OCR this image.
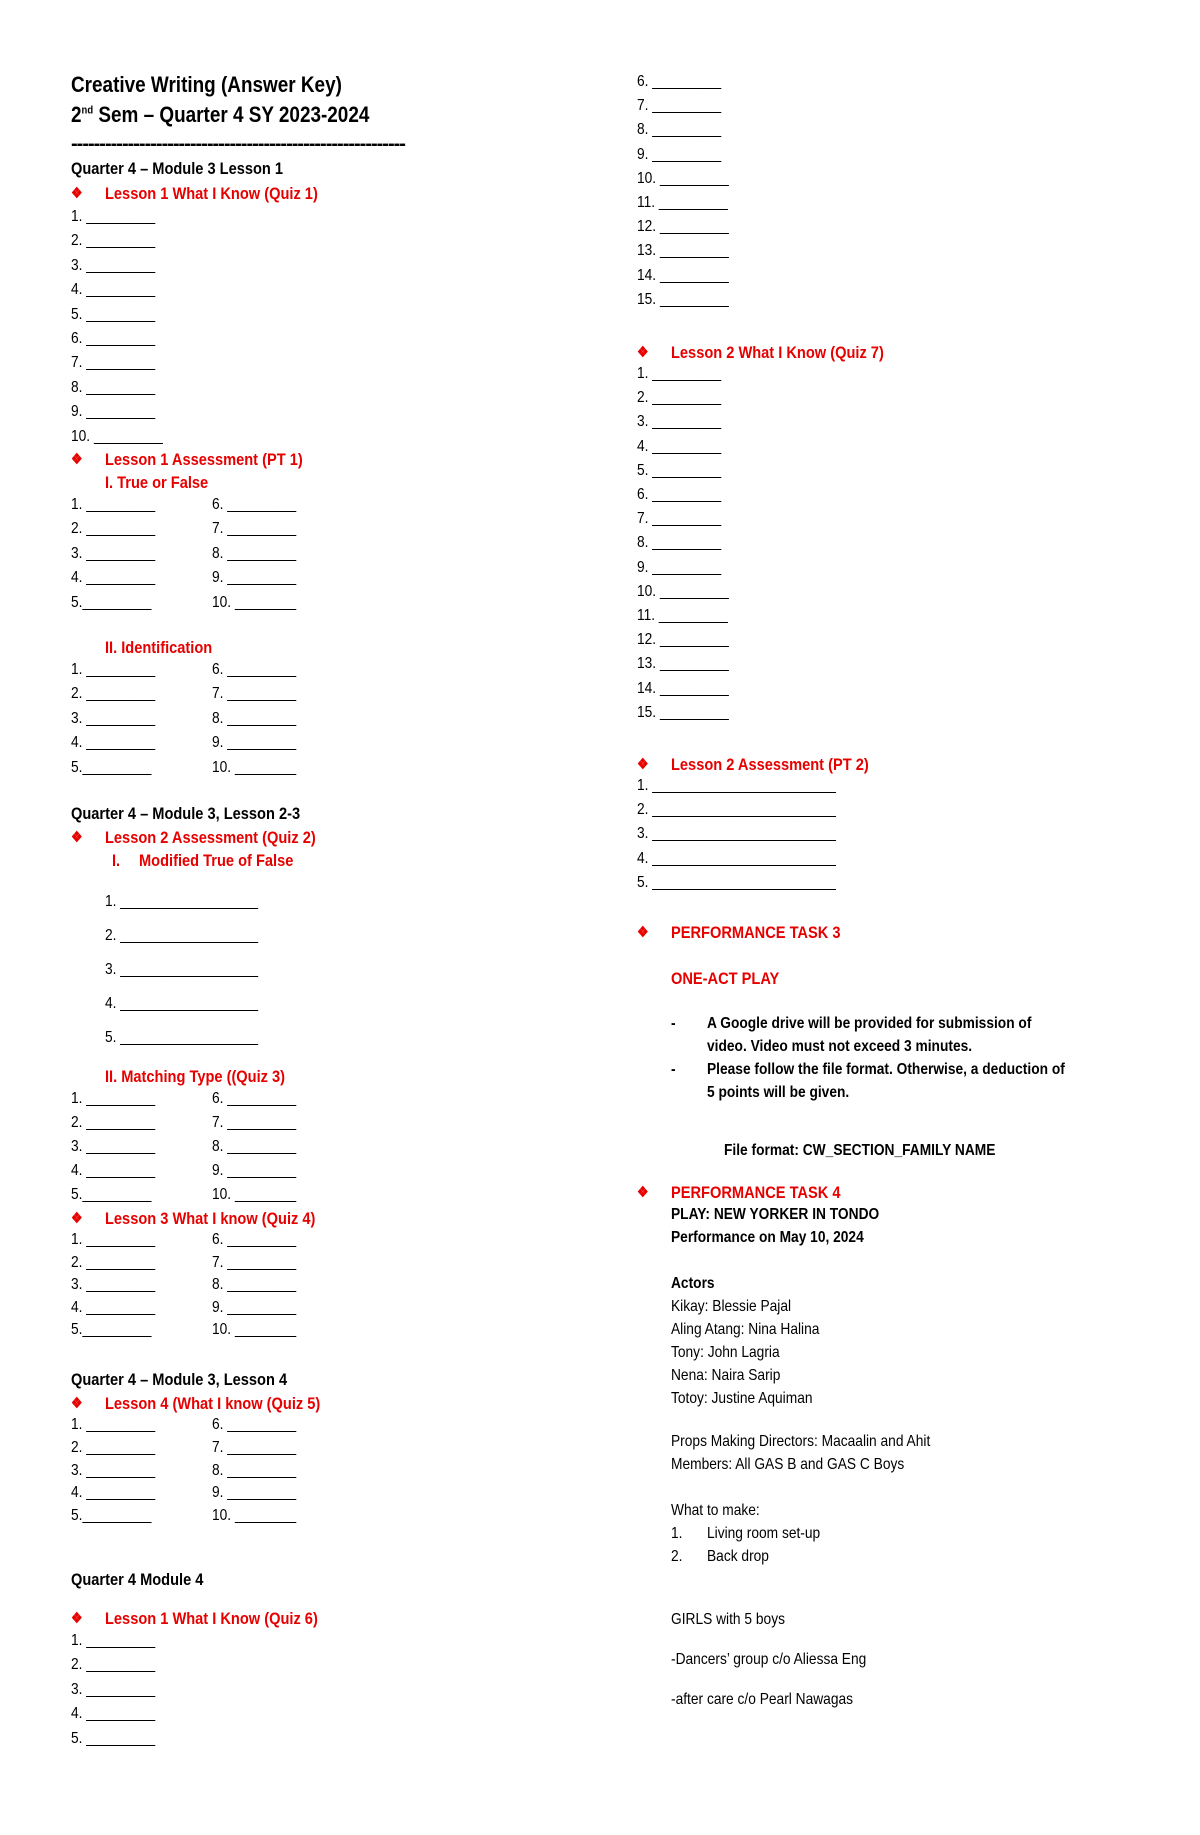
Creative Writing (Answer Key)
2nd Sem – Quarter 4 SY 2023-2024
-----------------------------------------------------------
Quarter 4 – Module 3 Lesson 1
❖ Lesson 1 What I Know (Quiz 1)
1. _________
2. _________
3. _________
4. _________
5. _________
6. _________
7. _________
8. _________
9. _________
10. _________
❖ Lesson 1 Assessment (PT 1)
I. True or False
1. _________
2. _________
3. _________
4. _________
5._________
6. _________
7. _________
8. _________
9. _________
10. ________
II. Identification
1. _________
2. _________
3. _________
4. _________
5._________
6. _________
7. _________
8. _________
9. _________
10. ________
Quarter 4 – Module 3, Lesson 2-3
❖ Lesson 2 Assessment (Quiz 2)
I. Modified True of False
1. __________________
2. __________________
3. __________________
4. __________________
5. __________________
II. Matching Type ((Quiz 3)
1. _________
2. _________
3. _________
4. _________
5._________
6. _________
7. _________
8. _________
9. _________
10. ________
❖ Lesson 3 What I know (Quiz 4)
1. _________
2. _________
3. _________
4. _________
5._________
6. _________
7. _________
8. _________
9. _________
10. ________
Quarter 4 – Module 3, Lesson 4
❖ Lesson 4 (What I know (Quiz 5)
1. _________
2. _________
3. _________
4. _________
5._________
6. _________
7. _________
8. _________
9. _________
10. ________
Quarter 4 Module 4
❖ Lesson 1 What I Know (Quiz 6)
1. _________
2. _________
3. _________
4. _________
5. _________
6. _________
7. _________
8. _________
9. _________
10. _________
11. _________
12. _________
13. _________
14. _________
15. _________
❖ Lesson 2 What I Know (Quiz 7)
1. _________
2. _________
3. _________
4. _________
5. _________
6. _________
7. _________
8. _________
9. _________
10. _________
11. _________
12. _________
13. _________
14. _________
15. _________
❖ Lesson 2 Assessment (PT 2)
1. ________________________
2. ________________________
3. ________________________
4. ________________________
5. ________________________
❖ PERFORMANCE TASK 3
ONE-ACT PLAY
- A Google drive will be provided for submission of
video. Video must not exceed 3 minutes.
- Please follow the file format. Otherwise, a deduction of
5 points will be given.
File format: CW_SECTION_FAMILY NAME
❖ PERFORMANCE TASK 4
PLAY: NEW YORKER IN TONDO
Performance on May 10, 2024
Actors
Kikay: Blessie Pajal
Aling Atang: Nina Halina
Tony: John Lagria
Nena: Naira Sarip
Totoy: Justine Aquiman
Props Making Directors: Macaalin and Ahit
Members: All GAS B and GAS C Boys
What to make:
1. Living room set-up
2. Back drop
GIRLS with 5 boys
-Dancers’ group c/o Aliessa Eng
-after care c/o Pearl Nawagas
